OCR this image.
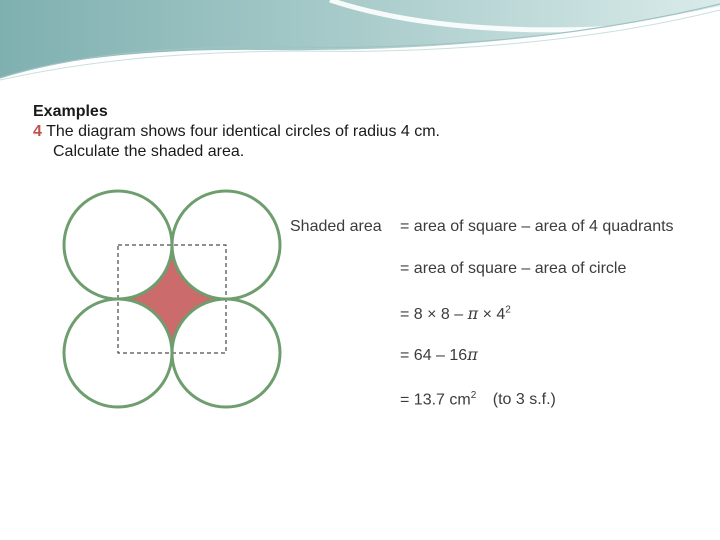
Examples
4 The diagram shows four identical circles of radius 4 cm.
Calculate the shaded area.
Shaded area = area of square – area of 4 quadrants
= area of square – area of circle
= $8 \times 8 - \pi \times 4^2$
= 64 – 16π
= 13.7 $cm^2$ (to 3 s.f.)
